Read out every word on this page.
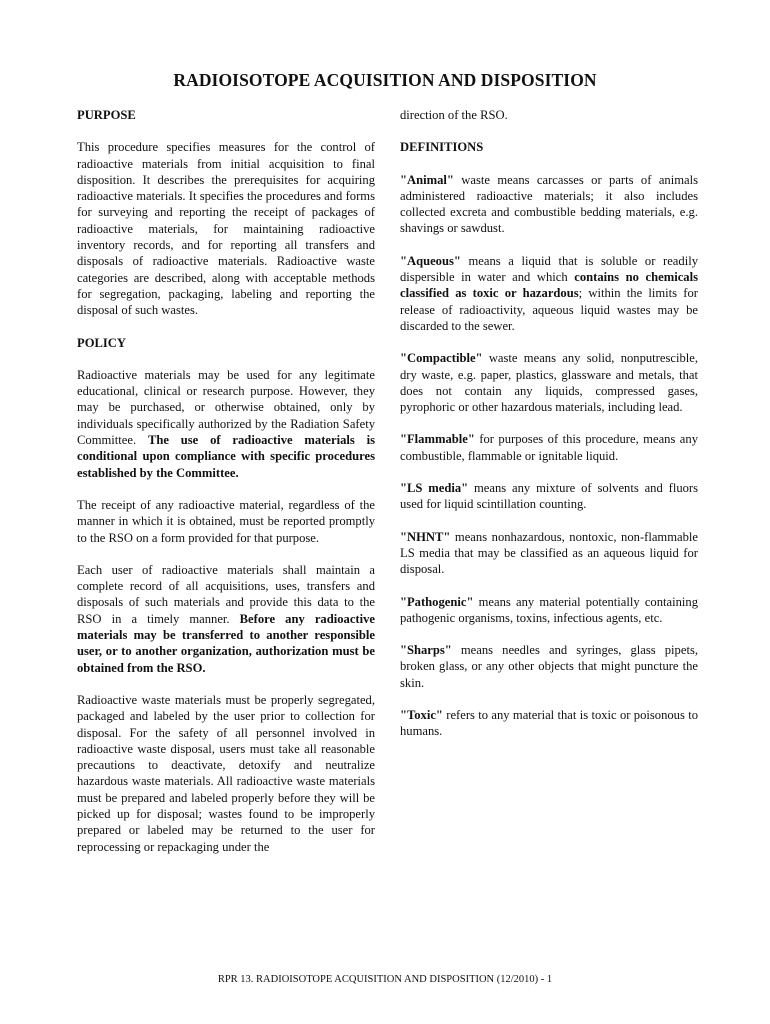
RADIOISOTOPE ACQUISITION AND DISPOSITION
PURPOSE

This procedure specifies measures for the control of radioactive materials from initial acquisition to final disposition. It describes the prerequisites for acquiring radioactive materials. It specifies the procedures and forms for surveying and reporting the receipt of packages of radioactive materials, for maintaining radioactive inventory records, and for reporting all transfers and disposals of radioactive materials. Radioactive waste categories are described, along with acceptable methods for segregation, packaging, labeling and reporting the disposal of such wastes.

POLICY

Radioactive materials may be used for any legitimate educational, clinical or research purpose. However, they may be purchased, or otherwise obtained, only by individuals specifically authorized by the Radiation Safety Committee. The use of radioactive materials is conditional upon compliance with specific procedures established by the Committee.

The receipt of any radioactive material, regardless of the manner in which it is obtained, must be reported promptly to the RSO on a form provided for that purpose.

Each user of radioactive materials shall maintain a complete record of all acquisitions, uses, transfers and disposals of such materials and provide this data to the RSO in a timely manner. Before any radioactive materials may be transferred to another responsible user, or to another organization, authorization must be obtained from the RSO.

Radioactive waste materials must be properly segregated, packaged and labeled by the user prior to collection for disposal. For the safety of all personnel involved in radioactive waste disposal, users must take all reasonable precautions to deactivate, detoxify and neutralize hazardous waste materials. All radioactive waste materials must be prepared and labeled properly before they will be picked up for disposal; wastes found to be improperly prepared or labeled may be returned to the user for reprocessing or repackaging under the

direction of the RSO.

DEFINITIONS

"Animal" waste means carcasses or parts of animals administered radioactive materials; it also includes collected excreta and combustible bedding materials, e.g. shavings or sawdust.

"Aqueous" means a liquid that is soluble or readily dispersible in water and which contains no chemicals classified as toxic or hazardous; within the limits for release of radioactivity, aqueous liquid wastes may be discarded to the sewer.

"Compactible" waste means any solid, nonputrescible, dry waste, e.g. paper, plastics, glassware and metals, that does not contain any liquids, compressed gases, pyrophoric or other hazardous materials, including lead.

"Flammable" for purposes of this procedure, means any combustible, flammable or ignitable liquid.

"LS media" means any mixture of solvents and fluors used for liquid scintillation counting.

"NHNT" means nonhazardous, nontoxic, non-flammable LS media that may be classified as an aqueous liquid for disposal.

"Pathogenic" means any material potentially containing pathogenic organisms, toxins, infectious agents, etc.

"Sharps" means needles and syringes, glass pipets, broken glass, or any other objects that might puncture the skin.

"Toxic" refers to any material that is toxic or poisonous to humans.

RPR 13. RADIOISOTOPE ACQUISITION AND DISPOSITION (12/2010) - 1
